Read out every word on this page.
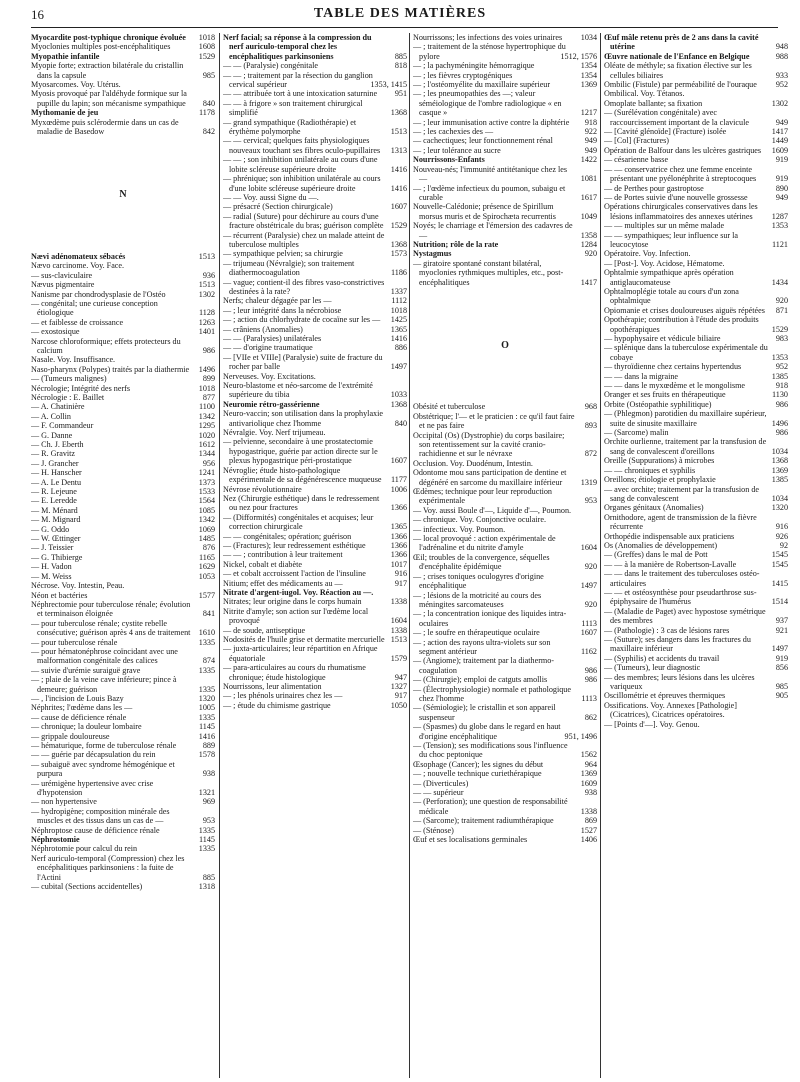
16	TABLE DES MATIÈRES
Myocardite post-typhique chronique évoluée 1018
Myoclonies multiples post-encéphalitiques	1608
Myopathie infantile	1529
Myopie forte; extraction bilatérale du cristallin dans la capsule	985
Myosarcomes. Voy. Utérus.
Myosis provoqué par l'aldéhyde formique sur la pupille du lapin; son mécanisme sympathique 840
Mythomanie de jeu	1178
Myxœdème puis sclérodermie dans un cas de maladie de Basedow	842
N
Nævi adénomateux sébacés	1513
Nævo carcinome. Voy. Face.
— sus-claviculaire	936
Nævus pigmentaire	1513
Nanisme par chondrodysplasie de l'Ostéo	1302
— congénital; une curieuse conception étiologique	1128
— et faiblesse de croissance	1263
— exostosique	1401
Narcose chloroformique; effets protecteurs du calcium	986
Nasale. Voy. Insuffisance.
Naso-pharynx (Polypes) traités par la diathermie 1496
— (Tumeurs malignes)	899
Nécrologie; Intégrité des nerfs	1018
Nécrologie : E. Baillet	877
— A. Chatinière	1100
— A. Collin	1342
— F. Commandeur	1295
— G. Danne	1020
— Ch. J. Eberth	1612
— R. Gravitz	1344
— J. Grancher	956
— H. Hanscher	1241
— A. Le Dentu	1373
— R. Lejeune	1533
— E. Leredde	1564
— M. Ménard	1085
— M. Mignard	1342
— G. Oddo	1069
— W. Œttinger	1485
— J. Teissier	876
— G. Thibierge	1165
— H. Vadon	1629
— M. Weiss	1053
Nécrose. Voy. Intestin, Peau.
Néon et bactéries	1577
Néphrectomie pour tuberculose rénale; évolution et terminaison éloignée	841
— pour tuberculose rénale; cystite rebelle consécutive; guérison après 4 ans de traitement 1610
— pour tuberculose rénale	1335
— pour hématonéphrose coïncidant avec une malformation congénitale des calices	874
— suivie d'urémie suraiguë grave	1335
— ; plaie de la veine cave inférieure; pince à demeure; guérison	1335
— , l'incision de Louis Bazy	1320
Néphrites; l'œdème dans les —	1005
— cause de déficience rénale	1335
— chronique; la douleur lombaire	1145
— grippale douloureuse	1416
— hématurique, forme de tuberculose rénale	889
— — guérie par décapsulation du rein	1578
— subaiguë avec syndrome hémogénique et purpura	938
— urémigène hypertensive avec crise d'hypotension	1321
— non hypertensive	969
— hydropigène; composition minérale des muscles et des tissus dans un cas de —	953
Néphroptose cause de déficience rénale	1335
Néphrostomie	1145
Néphrotomie pour calcul du rein	1335
Nerf auriculo-temporal (Compression) chez les encéphalitiques parkinsoniens : la fuite de l'Actini	885
— cubital (Sections accidentelles)	1318
Nerf facial; sa réponse à la compression du nerf auriculo-temporal chez les encéphalitiques parkinsoniens	885
— — (Paralysie) congénitale	818
— — ; traitement par la résection du ganglion cervical supérieur	1353, 1415
— — attribuée tort à une intoxication saturnine 951
— — à frigore » son traitement chirurgical simplifié	1368
— grand sympathique (Radiothérapie) et érythème polymorphe	1513
— — cervical; quelques faits physiologiques nouveaux touchant ses fibres oculo-pupillaires 1313
— — ; son inhibition unilatérale au cours d'une lobite scléreuse supérieure droite	1416
— phrénique; son inhibition unilatérale au cours d'une lobite scléreuse supérieure droite	1416
— — Voy. aussi Signe du —.
— présacré (Section chirurgicale)	1607
— radial (Suture) pour déchirure au cours d'une fracture obstétricale du bras; guérison complète 1529
— récurrent (Paralysie) chez un malade atteint de tuberculose multiples	1368
— sympathique pelvien; sa chirurgie	1573
— trijumeau (Névralgie); son traitement diathermocoagulation	1186
— vague; contient-il des fibres vaso-constrictives destinées à la rate?	1337
Nerfs; chaleur dégagée par les —	1112
— ; leur intégrité dans la nécrobiose	1018
— ; action du chlorhydrate de cocaïne sur les — 1425
— crâniens (Anomalies)	1365
— — (Paralysies) unilatérales	1416
— — d'origine traumatique	886
— [VIIe et VIIIe] (Paralysie) suite de fracture du rocher par balle	1497
Nerveuses. Voy. Excitations.
Neuro-blastome et néo-sarcome de l'extrémité supérieure du tibia	1033
Neuromie rétro-gassérienne	1368
Neuro-vaccin; son utilisation dans la prophylaxie antivariolique chez l'homme	840
Névralgie. Voy. Nerf trijumeau.
— pelvienne, secondaire à une prostatectomie hypogastrique, guérie par action directe sur le plexus hypogastrique péri-prostatique	1607
Névroglie; étude histo-pathologique expérimentale de sa dégénérescence muqueuse 1177
Névrose révolutionnaire	1006
Nez (Chirurgie esthétique) dans le redressement ou nez pour fractures	1366
— (Difformités) congénitales et acquises; leur correction chirurgicale	1365
— — congénitales; opération; guérison	1366
— (Fractures); leur redressement esthétique	1366
— — ; contribution à leur traitement	1366
Nickel, cobalt et diabète	1017
— et cobalt accroissent l'action de l'insuline	916
Nitium; effet des médicaments au —	917
Nitrate d'argent-iugol. Voy. Réaction au —.
Nitrates; leur origine dans le corps humain	1338
Nitrite d'amyle; son action sur l'œdème local provoqué	1604
— de soude, antiseptique	1338
Nodosités de l'huile grise et dermatite mercurielle 1513
— juxta-articulaires; leur répartition en Afrique équatoriale	1579
— para-articulaires au cours du rhumatisme chronique; étude histologique	947
Nourrissons, leur alimentation	1327
— ; les phénols urinaires chez les —	917
— ; étude du chimisme gastrique	1050
Nourrissons; les infections des voies urinaires 1034
— ; traitement de la sténose hypertrophique du pylore	1512, 1576
— ; la pachyméningite hémorragique	1354
— ; les fièvres cryptogéniques	1354
— ; l'ostéomyélite du maxillaire supérieur	1369
— ; les pneumopathies des —; valeur séméiologique de l'ombre radiologique « en casque »	1217
— ; leur immunisation active contre la diphtérie 918
— ; les cachexies des —	922
— cachectiques; leur fonctionnement rénal	949
— ; leur tolérance au sucre	949
Nourrissons-Enfants	1422
Nouveau-nés; l'immunité antitétanique chez les —	1081
— ; l'œdème infectieux du poumon, subaigu et curable	1617
Nouvelle-Calédonie; présence de Spirillum morsus muris et de Spirochæta recurrentis	1049
Noyés; le charriage et l'émersion des cadavres de —	1358
Nutrition; rôle de la rate	1284
Nystagmus	920
— giratoire spontané constant bilatéral, myoclonies rythmiques multiples, etc., post-encéphalitiques	1417
O
Obésité et tuberculose	968
Obstétrique; l'— et le praticien : ce qu'il faut faire et ne pas faire	893
Occipital (Os) (Dystrophie) du corps basilaire; son retentissement sur la cavité cranio-rachidienne et sur le névraxe	872
Occlusion. Voy. Duodénum, Intestin.
Odontome mou sans participation de dentine et dégénéré en sarcome du maxillaire inférieur 1319
Œdèmes; technique pour leur reproduction expérimentale	953
— Voy. aussi Boule d'—, Liquide d'—, Poumon.
— chronique. Voy. Conjonctive oculaire.
— infectieux. Voy. Poumon.
— local provoqué : action expérimentale de l'adrénaline et du nitrite d'amyle	1604
Œil; troubles de la convergence, séquelles d'encéphalite épidémique	920
— ; crises toniques oculogyres d'origine encéphalitique	1497
— ; lésions de la motricité au cours des méningites sarcomateuses	920
— ; la concentration ionique des liquides intra-oculaires	1113
— ; le soufre en thérapeutique oculaire	1607
— ; action des rayons ultra-violets sur son segment antérieur	1162
— (Angiome); traitement par la diathermo-coagulation	986
— (Chirurgie); emploi de catguts amollis	986
— (Électrophysiologie) normale et pathologique chez l'homme	1113
— (Sémiologie); le cristallin et son appareil suspenseur	862
— (Spasmes) du globe dans le regard en haut d'origine encéphalitique	951, 1496
— (Tension); ses modifications sous l'influence du choc peptonique	1562
Œsophage (Cancer); les signes du début	964
— ; nouvelle technique curiethérapique	1369
— (Diverticules)	1609
— — supérieur	938
— (Perforation); une question de responsabilité médicale	1338
— (Sarcome); traitement radiumthérapique	869
— (Sténose)	1527
Œuf et ses localisations germinales	1406
Œuf mâle retenu près de 2 ans dans la cavité utérine	948
Œuvre nationale de l'Enfance en Belgique	988
Oléate de méthyle; sa fixation élective sur les cellules biliaires	933
Ombilic (Fistule) par perméabilité de l'ouraque 952
Ombilical. Voy. Tétanos.
Omoplate ballante; sa fixation	1302
— (Surélévation congénitale) avec raccourcissement important de la clavicule	949
— [Cavité glénoïde] (Fracture) isolée	1417
— [Col] (Fractures)	1449
Opération de Balfour dans les ulcères gastriques 1609
— césarienne basse	919
— — conservatrice chez une femme enceinte présentant une pyélonéphrite à streptocoques 919
— de Perthes pour gastroptose	890
— de Portes suivie d'une nouvelle grossesse	949
Opérations chirurgicales conservatives dans les lésions inflammatoires des annexes utérines 1287
— — multiples sur un même malade	1353
— — sympathiques; leur influence sur la leucocytose	1121
Opératoire. Voy. Infection.
— [Post-]. Voy. Acidose, Hématome.
Ophtalmie sympathique après opération antiglaucomateuse	1434
Ophtalmoplégie totale au cours d'un zona ophtalmique	920
Opiomanie et crises douloureuses aiguës répétées 871
Opothérapie; contribution à l'étude des produits opothérapiques	1529
— hypophysaire et védicule biliaire	983
— splénique dans la tuberculose expérimentale du cobaye	1353
— thyroïdienne chez certains hypertendus	952
— — dans la migraine	1385
— — dans le myxœdème et le mongolisme	918
Oranger et ses fruits en thérapeutique	1130
Orbite (Ostéopathie syphilitique)	986
— (Phlegmon) parotidien du maxillaire supérieur, suite de sinusite maxillaire	1496
— (Sarcome) malin	986
Orchite ourlienne, traitement par la transfusion de sang de convalescent d'oreillons	1034
Oreille (Suppurations) à microbes	1368
— — chroniques et syphilis	1369
Oreillons; étiologie et prophylaxie	1385
— avec orchite; traitement par la transfusion de sang de convalescent	1034
Organes génitaux (Anomalies)	1320
Ornithodore, agent de transmission de la fièvre récurrente	916
Orthopédie indispensable aux praticiens	926
Os (Anomalies de développement)	92
— (Greffes) dans le mal de Pott	1545
— — à la manière de Robertson-Lavalle	1545
— — dans le traitement des tuberculoses ostéo-articulaires	1415
— — et ostéosynthèse pour pseudarthrose sus-épiphysaire de l'humérus	1514
— (Maladie de Paget) avec hypostose symétrique des membres	937
— (Pathologie) : 3 cas de lésions rares	921
— (Suture); ses dangers dans les fractures du maxillaire inférieur	1497
— (Syphilis) et accidents du travail	919
— (Tumeurs), leur diagnostic	856
— des membres; leurs lésions dans les ulcères variqueux	985
Oscillométrie et épreuves thermiques	905
Ossifications. Voy. Annexes [Pathologie] (Cicatrices), Cicatrices opératoires.
— [Points d'—]. Voy. Genou.
